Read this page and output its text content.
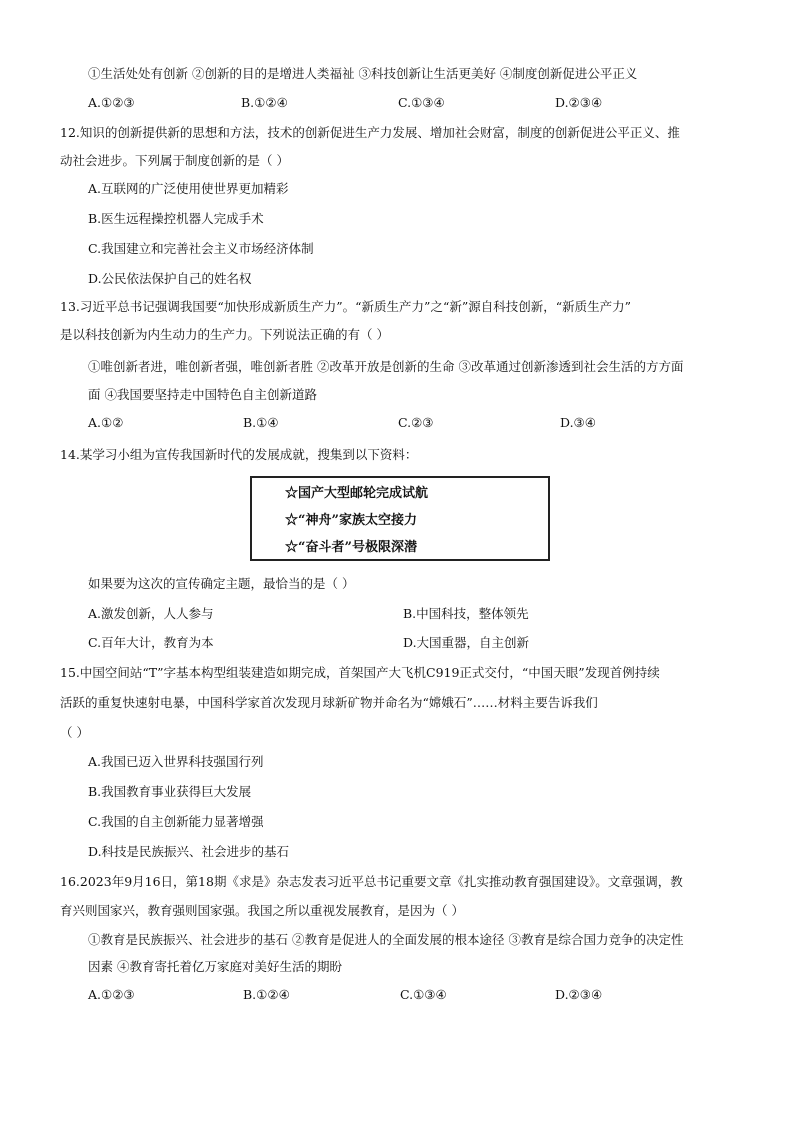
①生活处处有创新 ②创新的目的是增进人类福祉 ③科技创新让生活更美好 ④制度创新促进公平正义
A.①②③	B.①②④	C.①③④	D.②③④
12.知识的创新提供新的思想和方法，技术的创新促进生产力发展、增加社会财富，制度的创新促进公平正义、推
动社会进步。下列属于制度创新的是（ ）
A.互联网的广泛使用使世界更加精彩
B.医生远程操控机器人完成手术
C.我国建立和完善社会主义市场经济体制
D.公民依法保护自己的姓名权
13.习近平总书记强调我国要“加快形成新质生产力”。“新质生产力”之“新”源自科技创新，“新质生产力”
是以科技创新为内生动力的生产力。下列说法正确的有（ ）
①唯创新者进，唯创新者强，唯创新者胜 ②改革开放是创新的生命 ③改革通过创新渗透到社会生活的方方面
面 ④我国要坚持走中国特色自主创新道路
A.①②	B.①④	C.②③	D.③④
14.某学习小组为宣传我国新时代的发展成就，搜集到以下资料：
☆国产大型邮轮完成试航
☆“神舟”家族太空接力
☆“奋斗者”号极限深潜
如果要为这次的宣传确定主题，最恰当的是（ ）
A.激发创新，人人参与	B.中国科技，整体领先
C.百年大计，教育为本	D.大国重器，自主创新
15.中国空间站“T”字基本构型组装建造如期完成，首架国产大飞机C919正式交付，“中国天眼”发现首例持续
活跃的重复快速射电暴，中国科学家首次发现月球新矿物并命名为“嫦娥石”……材料主要告诉我们
（ ）
A.我国已迈入世界科技强国行列
B.我国教育事业获得巨大发展
C.我国的自主创新能力显著增强
D.科技是民族振兴、社会进步的基石
16.2023年9月16日，第18期《求是》杂志发表习近平总书记重要文章《扎实推动教育强国建设》。文章强调，教
育兴则国家兴，教育强则国家强。我国之所以重视发展教育，是因为（ ）
①教育是民族振兴、社会进步的基石 ②教育是促进人的全面发展的根本途径 ③教育是综合国力竞争的决定性
因素 ④教育寄托着亿万家庭对美好生活的期盼
A.①②③	B.①②④	C.①③④	D.②③④
